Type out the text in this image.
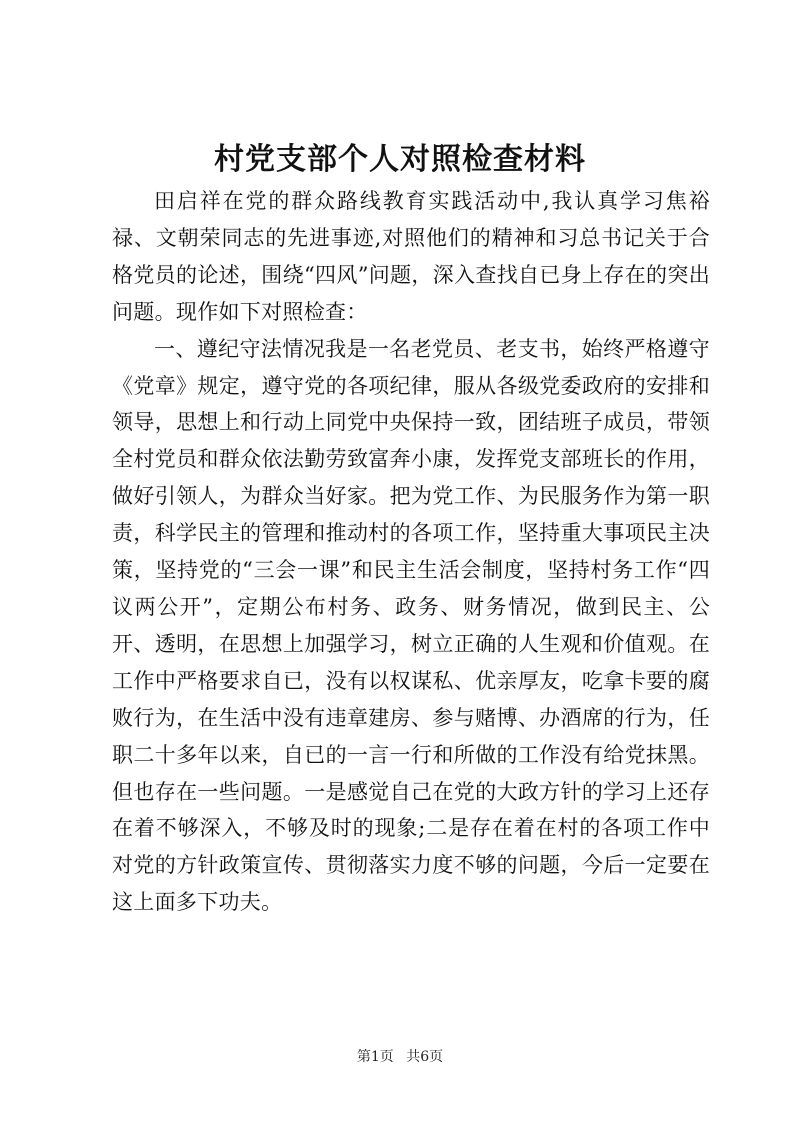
村党支部个人对照检查材料

田启祥在党的群众路线教育实践活动中,我认真学习焦裕禄、文朝荣同志的先进事迹,对照他们的精神和习总书记关于合格党员的论述，围绕“四风”问题，深入查找自已身上存在的突出问题。现作如下对照检查：

一、遵纪守法情况我是一名老党员、老支书，始终严格遵守《党章》规定，遵守党的各项纪律，服从各级党委政府的安排和领导，思想上和行动上同党中央保持一致，团结班子成员，带领全村党员和群众依法勤劳致富奔小康，发挥党支部班长的作用，做好引领人，为群众当好家。把为党工作、为民服务作为第一职责，科学民主的管理和推动村的各项工作，坚持重大事项民主决策，坚持党的“三会一课”和民主生活会制度，坚持村务工作“四议两公开”，定期公布村务、政务、财务情况，做到民主、公开、透明，在思想上加强学习，树立正确的人生观和价值观。在工作中严格要求自已，没有以权谋私、优亲厚友，吃拿卡要的腐败行为，在生活中没有违章建房、参与赌博、办酒席的行为，任职二十多年以来，自已的一言一行和所做的工作没有给党抹黑。但也存在一些问题。一是感觉自己在党的大政方针的学习上还存在着不够深入，不够及时的现象;二是存在着在村的各项工作中对党的方针政策宣传、贯彻落实力度不够的问题，今后一定要在这上面多下功夫。

第1页 共6页
